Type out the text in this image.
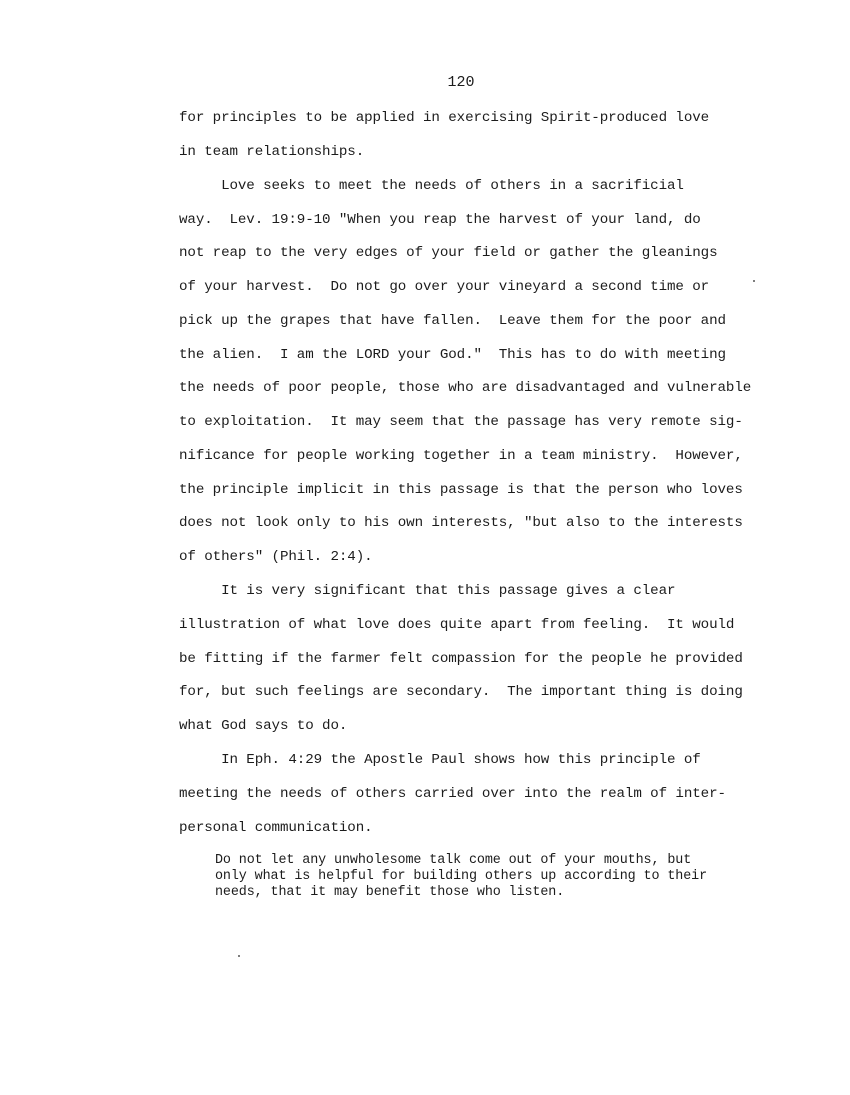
120
for principles to be applied in exercising Spirit-produced love
in team relationships.
Love seeks to meet the needs of others in a sacrificial
way.  Lev. 19:9-10 "When you reap the harvest of your land, do
not reap to the very edges of your field or gather the gleanings
of your harvest.  Do not go over your vineyard a second time or
pick up the grapes that have fallen.  Leave them for the poor and
the alien.  I am the LORD your God."  This has to do with meeting
the needs of poor people, those who are disadvantaged and vulnerable
to exploitation.  It may seem that the passage has very remote sig-
nificance for people working together in a team ministry.  However,
the principle implicit in this passage is that the person who loves
does not look only to his own interests, "but also to the interests
of others" (Phil. 2:4).
It is very significant that this passage gives a clear
illustration of what love does quite apart from feeling.  It would
be fitting if the farmer felt compassion for the people he provided
for, but such feelings are secondary.  The important thing is doing
what God says to do.
In Eph. 4:29 the Apostle Paul shows how this principle of
meeting the needs of others carried over into the realm of inter-
personal communication.
Do not let any unwholesome talk come out of your mouths, but
only what is helpful for building others up according to their
needs, that it may benefit those who listen.
